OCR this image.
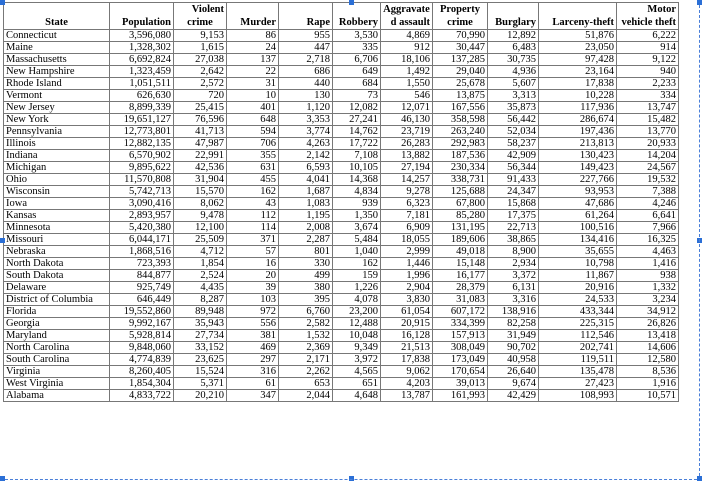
		Violent				Aggravate	Property			Motor
State	Population	crime	Murder	Rape	Robbery	d assault	crime	Burglary	Larceny-theft	vehicle theft
Connecticut	3,596,080	9,153	86	955	3,530	4,869	70,990	12,892	51,876	6,222
Maine	1,328,302	1,615	24	447	335	912	30,447	6,483	23,050	914
Massachusetts	6,692,824	27,038	137	2,718	6,706	18,106	137,285	30,735	97,428	9,122
New Hampshire	1,323,459	2,642	22	686	649	1,492	29,040	4,936	23,164	940
Rhode Island	1,051,511	2,572	31	440	684	1,550	25,678	5,607	17,838	2,233
Vermont	626,630	720	10	130	73	546	13,875	3,313	10,228	334
New Jersey	8,899,339	25,415	401	1,120	12,082	12,071	167,556	35,873	117,936	13,747
New York	19,651,127	76,596	648	3,353	27,241	46,130	358,598	56,442	286,674	15,482
Pennsylvania	12,773,801	41,713	594	3,774	14,762	23,719	263,240	52,034	197,436	13,770
Illinois	12,882,135	47,987	706	4,263	17,722	26,283	292,983	58,237	213,813	20,933
Indiana	6,570,902	22,991	355	2,142	7,108	13,882	187,536	42,909	130,423	14,204
Michigan	9,895,622	42,536	631	6,593	10,105	27,194	230,334	56,344	149,423	24,567
Ohio	11,570,808	31,904	455	4,041	14,368	14,257	338,731	91,433	227,766	19,532
Wisconsin	5,742,713	15,570	162	1,687	4,834	9,278	125,688	24,347	93,953	7,388
Iowa	3,090,416	8,062	43	1,083	939	6,323	67,800	15,868	47,686	4,246
Kansas	2,893,957	9,478	112	1,195	1,350	7,181	85,280	17,375	61,264	6,641
Minnesota	5,420,380	12,100	114	2,008	3,674	6,909	131,195	22,713	100,516	7,966
Missouri	6,044,171	25,509	371	2,287	5,484	18,055	189,606	38,865	134,416	16,325
Nebraska	1,868,516	4,712	57	801	1,040	2,999	49,018	8,900	35,655	4,463
North Dakota	723,393	1,854	16	330	162	1,446	15,148	2,934	10,798	1,416
South Dakota	844,877	2,524	20	499	159	1,996	16,177	3,372	11,867	938
Delaware	925,749	4,435	39	380	1,226	2,904	28,379	6,131	20,916	1,332
District of Columbia	646,449	8,287	103	395	4,078	3,830	31,083	3,316	24,533	3,234
Florida	19,552,860	89,948	972	6,760	23,200	61,054	607,172	138,916	433,344	34,912
Georgia	9,992,167	35,943	556	2,582	12,488	20,915	334,399	82,258	225,315	26,826
Maryland	5,928,814	27,734	381	1,532	10,048	16,128	157,913	31,949	112,546	13,418
North Carolina	9,848,060	33,152	469	2,369	9,349	21,513	308,049	90,702	202,741	14,606
South Carolina	4,774,839	23,625	297	2,171	3,972	17,838	173,049	40,958	119,511	12,580
Virginia	8,260,405	15,524	316	2,262	4,565	9,062	170,654	26,640	135,478	8,536
West Virginia	1,854,304	5,371	61	653	651	4,203	39,013	9,674	27,423	1,916
Alabama	4,833,722	20,210	347	2,044	4,648	13,787	161,993	42,429	108,993	10,571
